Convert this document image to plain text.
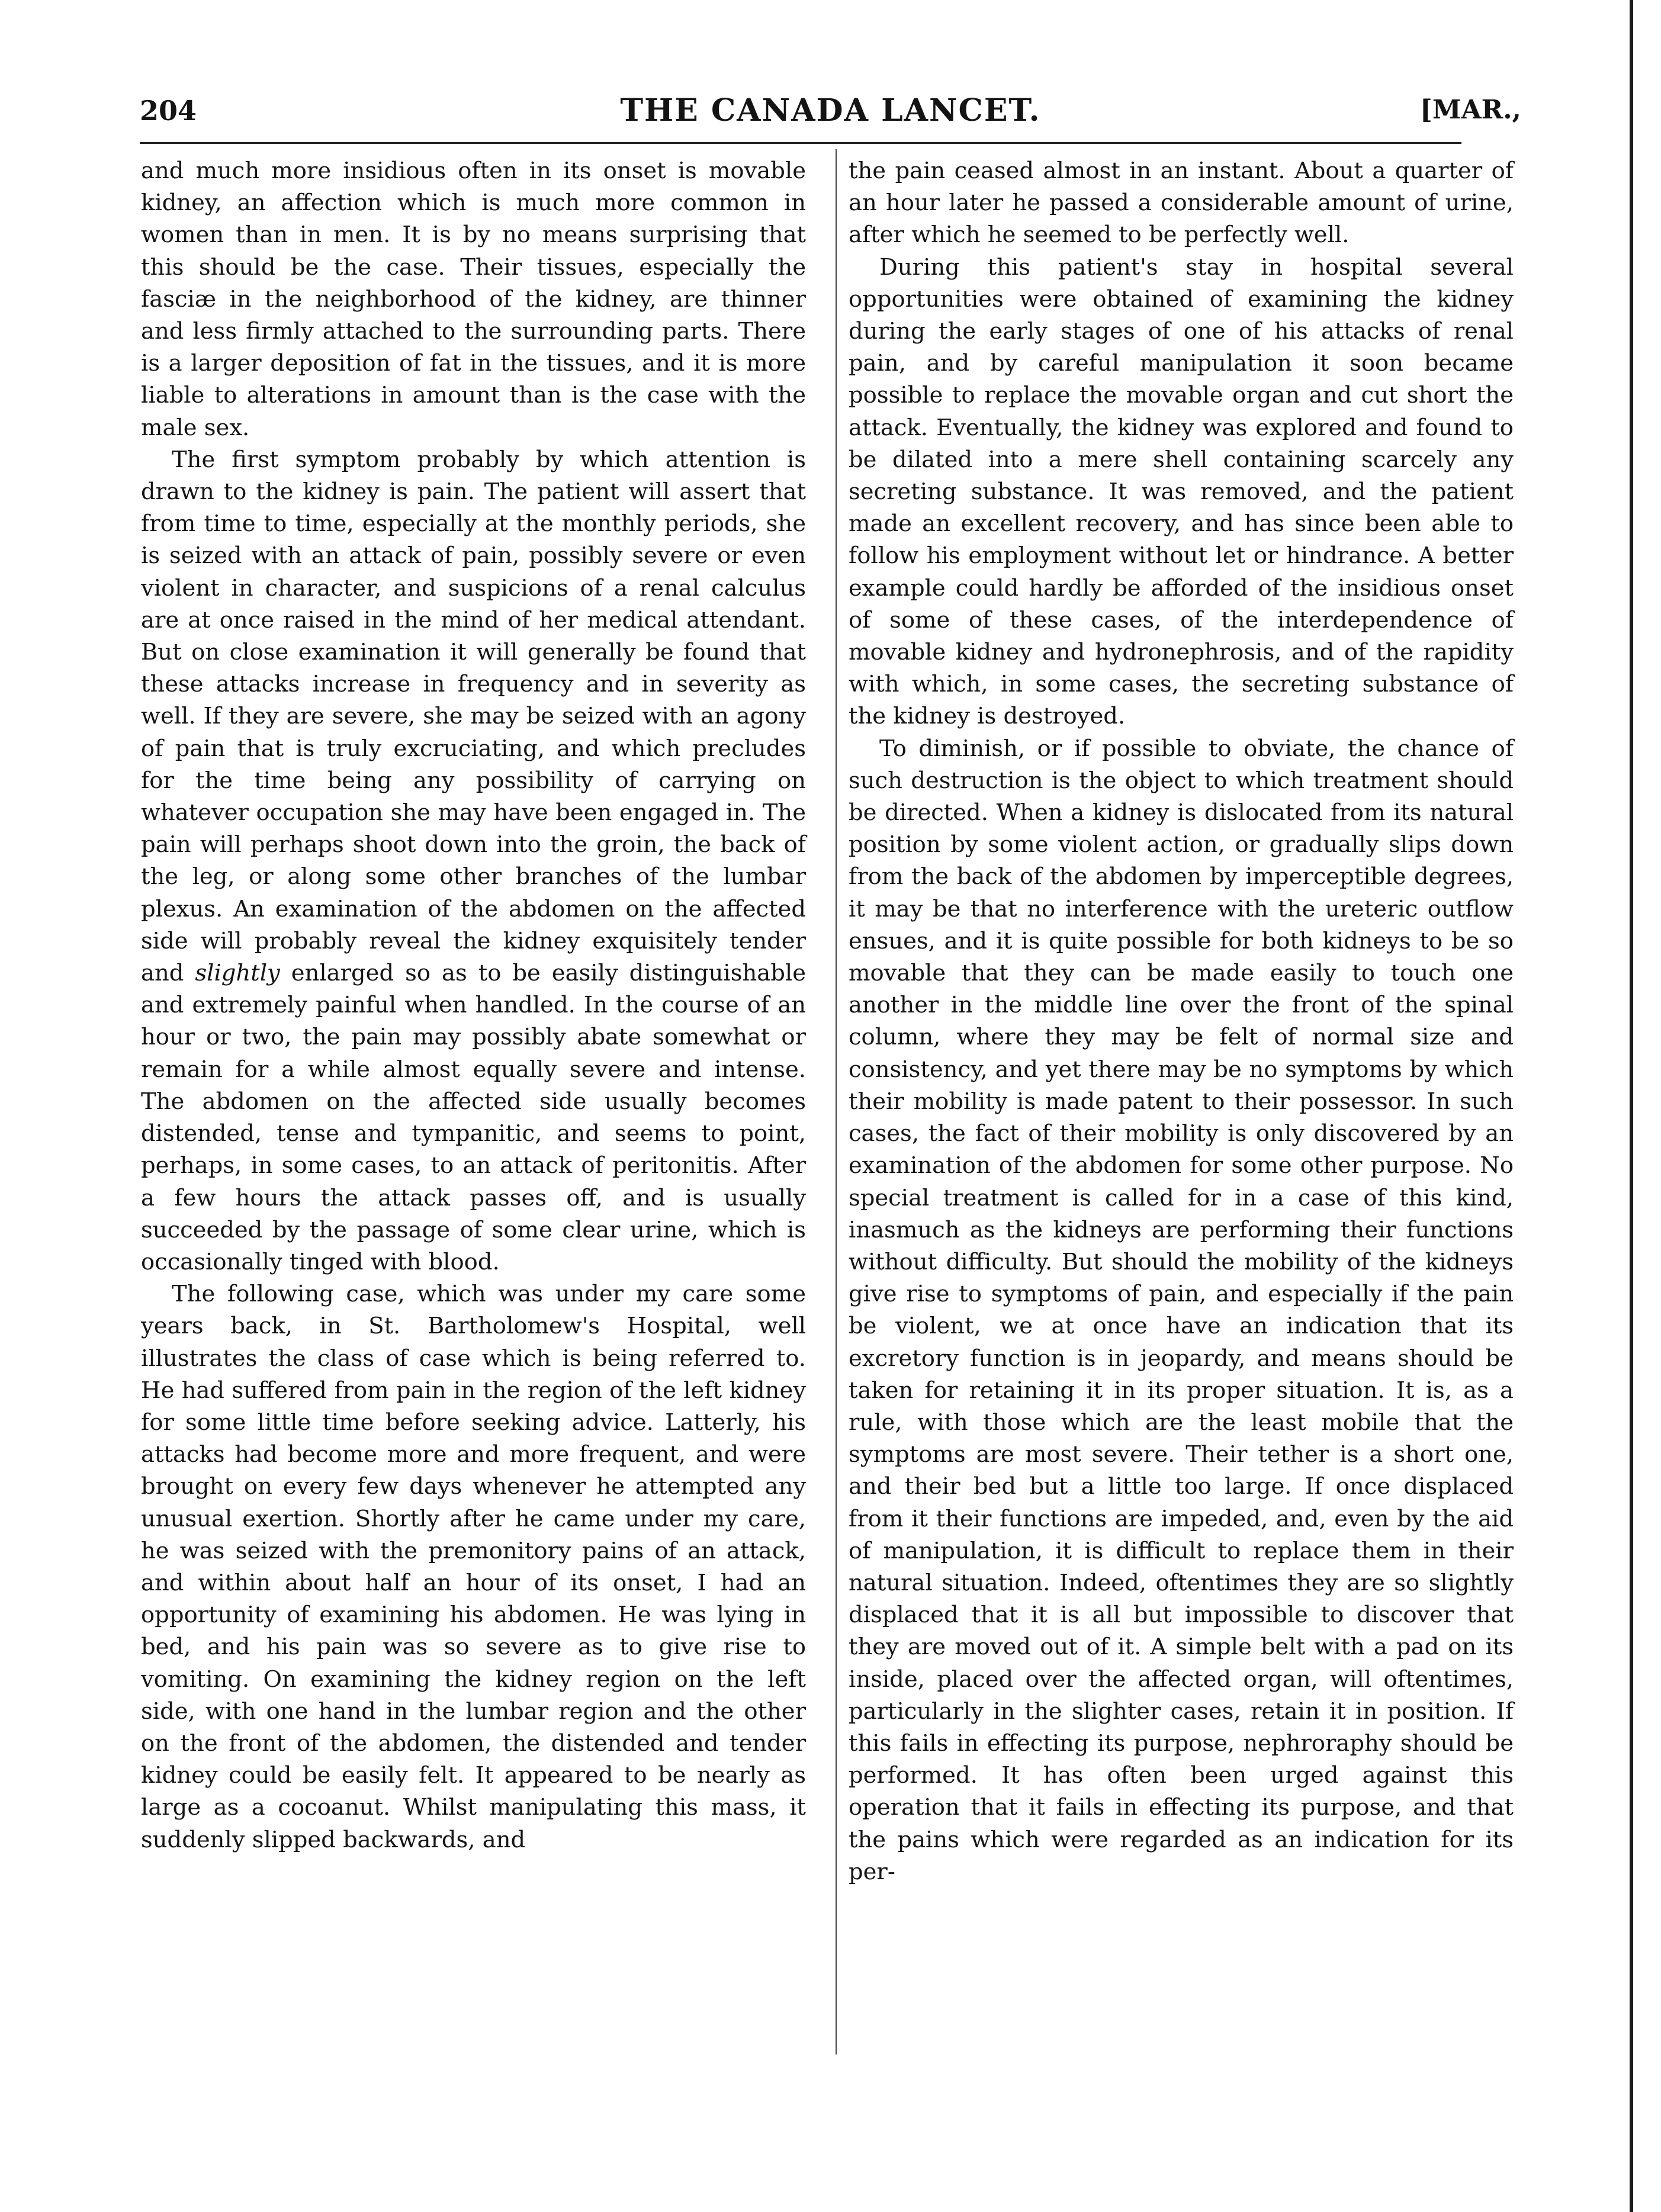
204	THE CANADA LANCET.	[MAR.,

and much more insidious often in its onset is movable kidney, an affection which is much more common in women than in men. It is by no means surprising that this should be the case. Their tissues, especially the fasciæ in the neighborhood of the kidney, are thinner and less firmly attached to the surrounding parts. There is a larger deposition of fat in the tissues, and it is more liable to alterations in amount than is the case with the male sex.

The first symptom probably by which attention is drawn to the kidney is pain. The patient will assert that from time to time, especially at the monthly periods, she is seized with an attack of pain, possibly severe or even violent in character, and suspicions of a renal calculus are at once raised in the mind of her medical attendant. But on close examination it will generally be found that these attacks increase in frequency and in severity as well. If they are severe, she may be seized with an agony of pain that is truly excruciating, and which precludes for the time being any possibility of carrying on whatever occupation she may have been engaged in. The pain will perhaps shoot down into the groin, the back of the leg, or along some other branches of the lumbar plexus. An examination of the abdomen on the affected side will probably reveal the kidney exquisitely tender and slightly enlarged so as to be easily distinguishable and extremely painful when handled. In the course of an hour or two, the pain may possibly abate somewhat or remain for a while almost equally severe and intense. The abdomen on the affected side usually becomes distended, tense and tympanitic, and seems to point, perhaps, in some cases, to an attack of peritonitis. After a few hours the attack passes off, and is usually succeeded by the passage of some clear urine, which is occasionally tinged with blood.

The following case, which was under my care some years back, in St. Bartholomew's Hospital, well illustrates the class of case which is being referred to. He had suffered from pain in the region of the left kidney for some little time before seeking advice. Latterly, his attacks had become more and more frequent, and were brought on every few days whenever he attempted any unusual exertion. Shortly after he came under my care, he was seized with the premonitory pains of an attack, and within about half an hour of its onset, I had an opportunity of examining his abdomen. He was lying in bed, and his pain was so severe as to give rise to vomiting. On examining the kidney region on the left side, with one hand in the lumbar region and the other on the front of the abdomen, the distended and tender kidney could be easily felt. It appeared to be nearly as large as a cocoanut. Whilst manipulating this mass, it suddenly slipped backwards, and

the pain ceased almost in an instant. About a quarter of an hour later he passed a considerable amount of urine, after which he seemed to be perfectly well.

During this patient's stay in hospital several opportunities were obtained of examining the kidney during the early stages of one of his attacks of renal pain, and by careful manipulation it soon became possible to replace the movable organ and cut short the attack. Eventually, the kidney was explored and found to be dilated into a mere shell containing scarcely any secreting substance. It was removed, and the patient made an excellent recovery, and has since been able to follow his employment without let or hindrance. A better example could hardly be afforded of the insidious onset of some of these cases, of the interdependence of movable kidney and hydronephrosis, and of the rapidity with which, in some cases, the secreting substance of the kidney is destroyed.

To diminish, or if possible to obviate, the chance of such destruction is the object to which treatment should be directed. When a kidney is dislocated from its natural position by some violent action, or gradually slips down from the back of the abdomen by imperceptible degrees, it may be that no interference with the ureteric outflow ensues, and it is quite possible for both kidneys to be so movable that they can be made easily to touch one another in the middle line over the front of the spinal column, where they may be felt of normal size and consistency, and yet there may be no symptoms by which their mobility is made patent to their possessor. In such cases, the fact of their mobility is only discovered by an examination of the abdomen for some other purpose. No special treatment is called for in a case of this kind, inasmuch as the kidneys are performing their functions without difficulty. But should the mobility of the kidneys give rise to symptoms of pain, and especially if the pain be violent, we at once have an indication that its excretory function is in jeopardy, and means should be taken for retaining it in its proper situation. It is, as a rule, with those which are the least mobile that the symptoms are most severe. Their tether is a short one, and their bed but a little too large. If once displaced from it their functions are impeded, and, even by the aid of manipulation, it is difficult to replace them in their natural situation. Indeed, oftentimes they are so slightly displaced that it is all but impossible to discover that they are moved out of it. A simple belt with a pad on its inside, placed over the affected organ, will oftentimes, particularly in the slighter cases, retain it in position. If this fails in effecting its purpose, nephroraphy should be performed. It has often been urged against this operation that it fails in effecting its purpose, and that the pains which were regarded as an indication for its per-
